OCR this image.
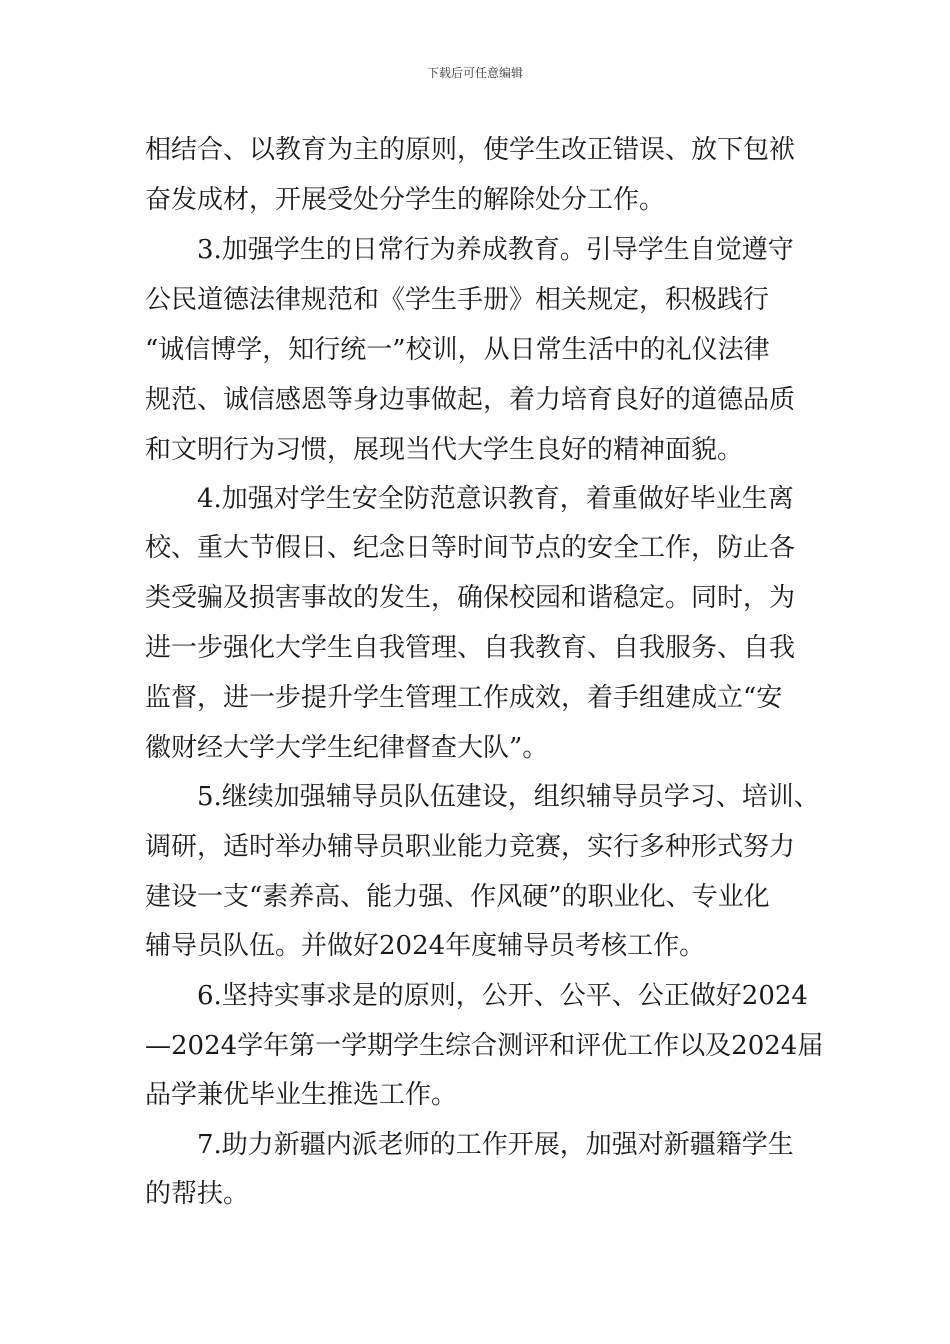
下载后可任意编辑
相结合、以教育为主的原则，使学生改正错误、放下包袱
奋发成材，开展受处分学生的解除处分工作。
3.加强学生的日常行为养成教育。引导学生自觉遵守
公民道德法律规范和《学生手册》相关规定，积极践行
“诚信博学，知行统一”校训，从日常生活中的礼仪法律
规范、诚信感恩等身边事做起，着力培育良好的道德品质
和文明行为习惯，展现当代大学生良好的精神面貌。
4.加强对学生安全防范意识教育，着重做好毕业生离
校、重大节假日、纪念日等时间节点的安全工作，防止各
类受骗及损害事故的发生，确保校园和谐稳定。同时，为
进一步强化大学生自我管理、自我教育、自我服务、自我
监督，进一步提升学生管理工作成效，着手组建成立“安
徽财经大学大学生纪律督查大队”。
5.继续加强辅导员队伍建设，组织辅导员学习、培训、
调研，适时举办辅导员职业能力竞赛，实行多种形式努力
建设一支“素养高、能力强、作风硬”的职业化、专业化
辅导员队伍。并做好2024年度辅导员考核工作。
6.坚持实事求是的原则，公开、公平、公正做好2024
—2024学年第一学期学生综合测评和评优工作以及2024届
品学兼优毕业生推选工作。
7.助力新疆内派老师的工作开展，加强对新疆籍学生
的帮扶。
